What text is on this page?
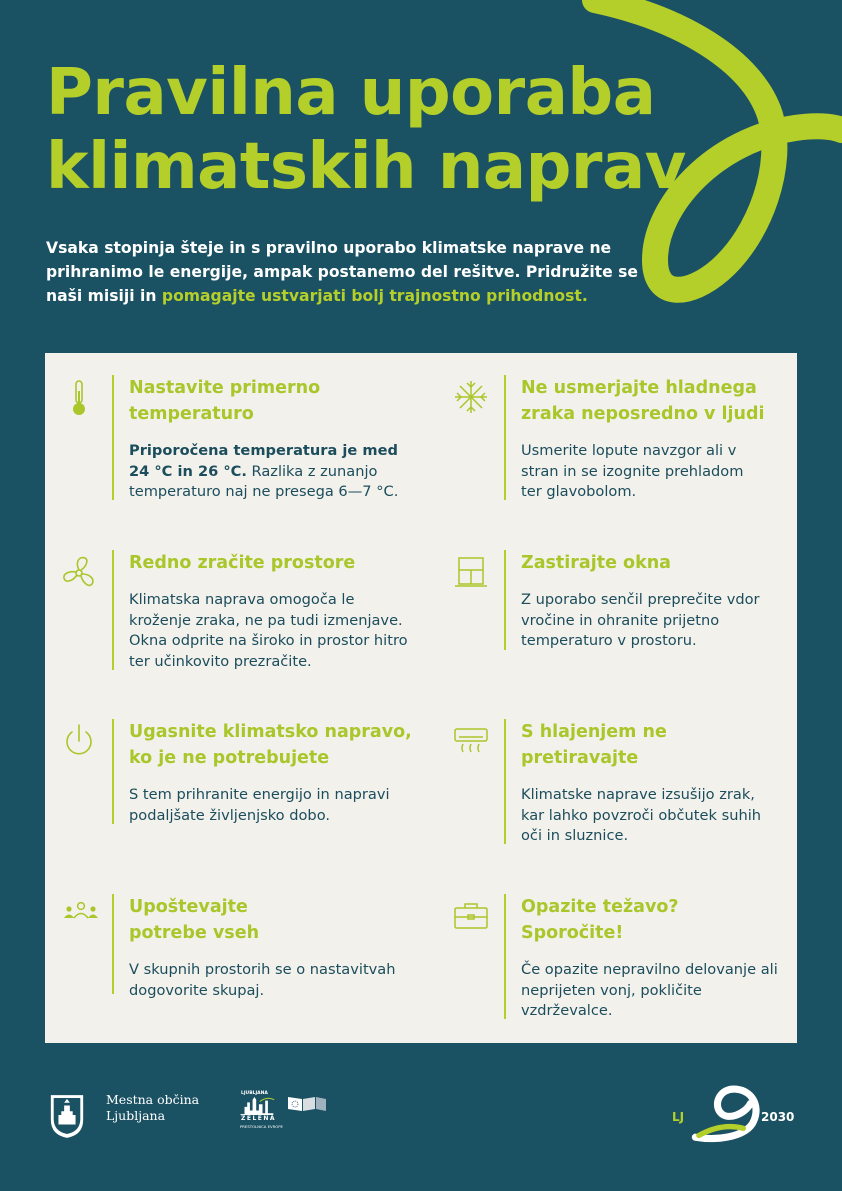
Pravilna uporaba
klimatskih naprav

Vsaka stopinja šteje in s pravilno uporabo klimatske naprave ne prihranimo le energije, ampak postanemo del rešitve. Pridružite se naši misiji in pomagajte ustvarjati bolj trajnostno prihodnost.

Nastavite primerno temperaturo

Priporočena temperatura je med 24 °C in 26 °C. Razlika z zunanjo temperaturo naj ne presega 6—7 °C.

Ne usmerjajte hladnega zraka neposredno v ljudi

Usmerite lopute navzgor ali v stran in se izognite prehladom ter glavobolom.

Redno zračite prostore

Klimatska naprava omogoča le kroženje zraka, ne pa tudi izmenjave. Okna odprite na široko in prostor hitro ter učinkovito prezračite.

Zastirajte okna

Z uporabo senčil preprečite vdor vročine in ohranite prijetno temperaturo v prostoru.

Ugasnite klimatsko napravo, ko je ne potrebujete

S tem prihranite energijo in napravi podaljšate življenjsko dobo.

S hlajenjem ne pretiravajte

Klimatske naprave izsušijo zrak, kar lahko povzroči občutek suhih oči in sluznice.

Upoštevajte potrebe vseh

V skupnih prostorih se o nastavitvah dogovorite skupaj.

Opazite težavo? Sporočite!

Če opazite nepravilno delovanje ali neprijeten vonj, pokličite vzdrževalce.

Mestna občina
Ljubljana
LJUBLJANA
ZELENA
PRESTOLNICA EVROPE
LJ	2030
